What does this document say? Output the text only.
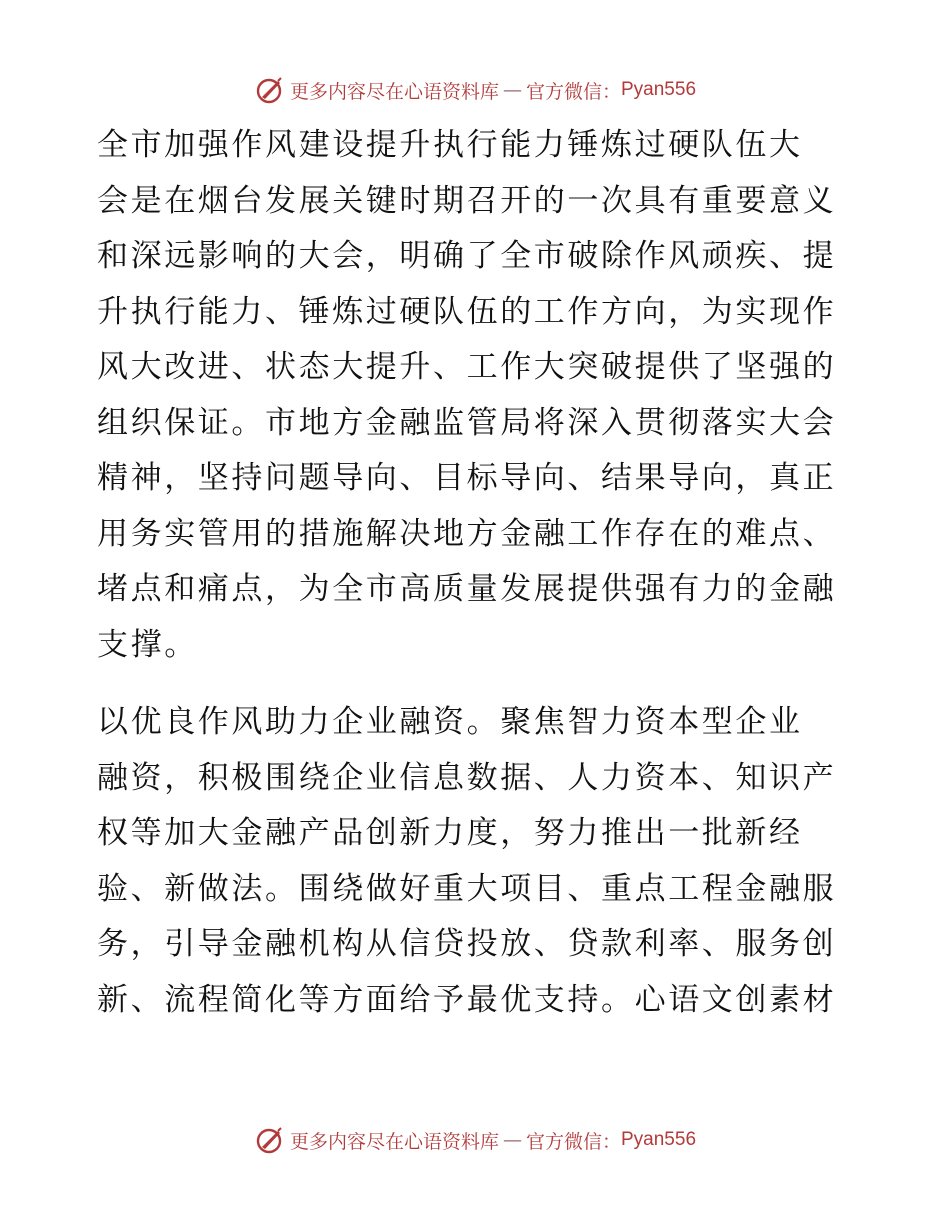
更多内容尽在心语资料库 — 官方微信： Pyan556

全市加强作风建设提升执行能力锤炼过硬队伍大
会是在烟台发展关键时期召开的一次具有重要意义
和深远影响的大会，明确了全市破除作风顽疾、提
升执行能力、锤炼过硬队伍的工作方向，为实现作
风大改进、状态大提升、工作大突破提供了坚强的
组织保证。市地方金融监管局将深入贯彻落实大会
精神，坚持问题导向、目标导向、结果导向，真正
用务实管用的措施解决地方金融工作存在的难点、
堵点和痛点，为全市高质量发展提供强有力的金融
支撑。

以优良作风助力企业融资。聚焦智力资本型企业
融资，积极围绕企业信息数据、人力资本、知识产
权等加大金融产品创新力度，努力推出一批新经
验、新做法。围绕做好重大项目、重点工程金融服
务，引导金融机构从信贷投放、贷款利率、服务创
新、流程简化等方面给予最优支持。心语文创素材

更多内容尽在心语资料库 — 官方微信： Pyan556
